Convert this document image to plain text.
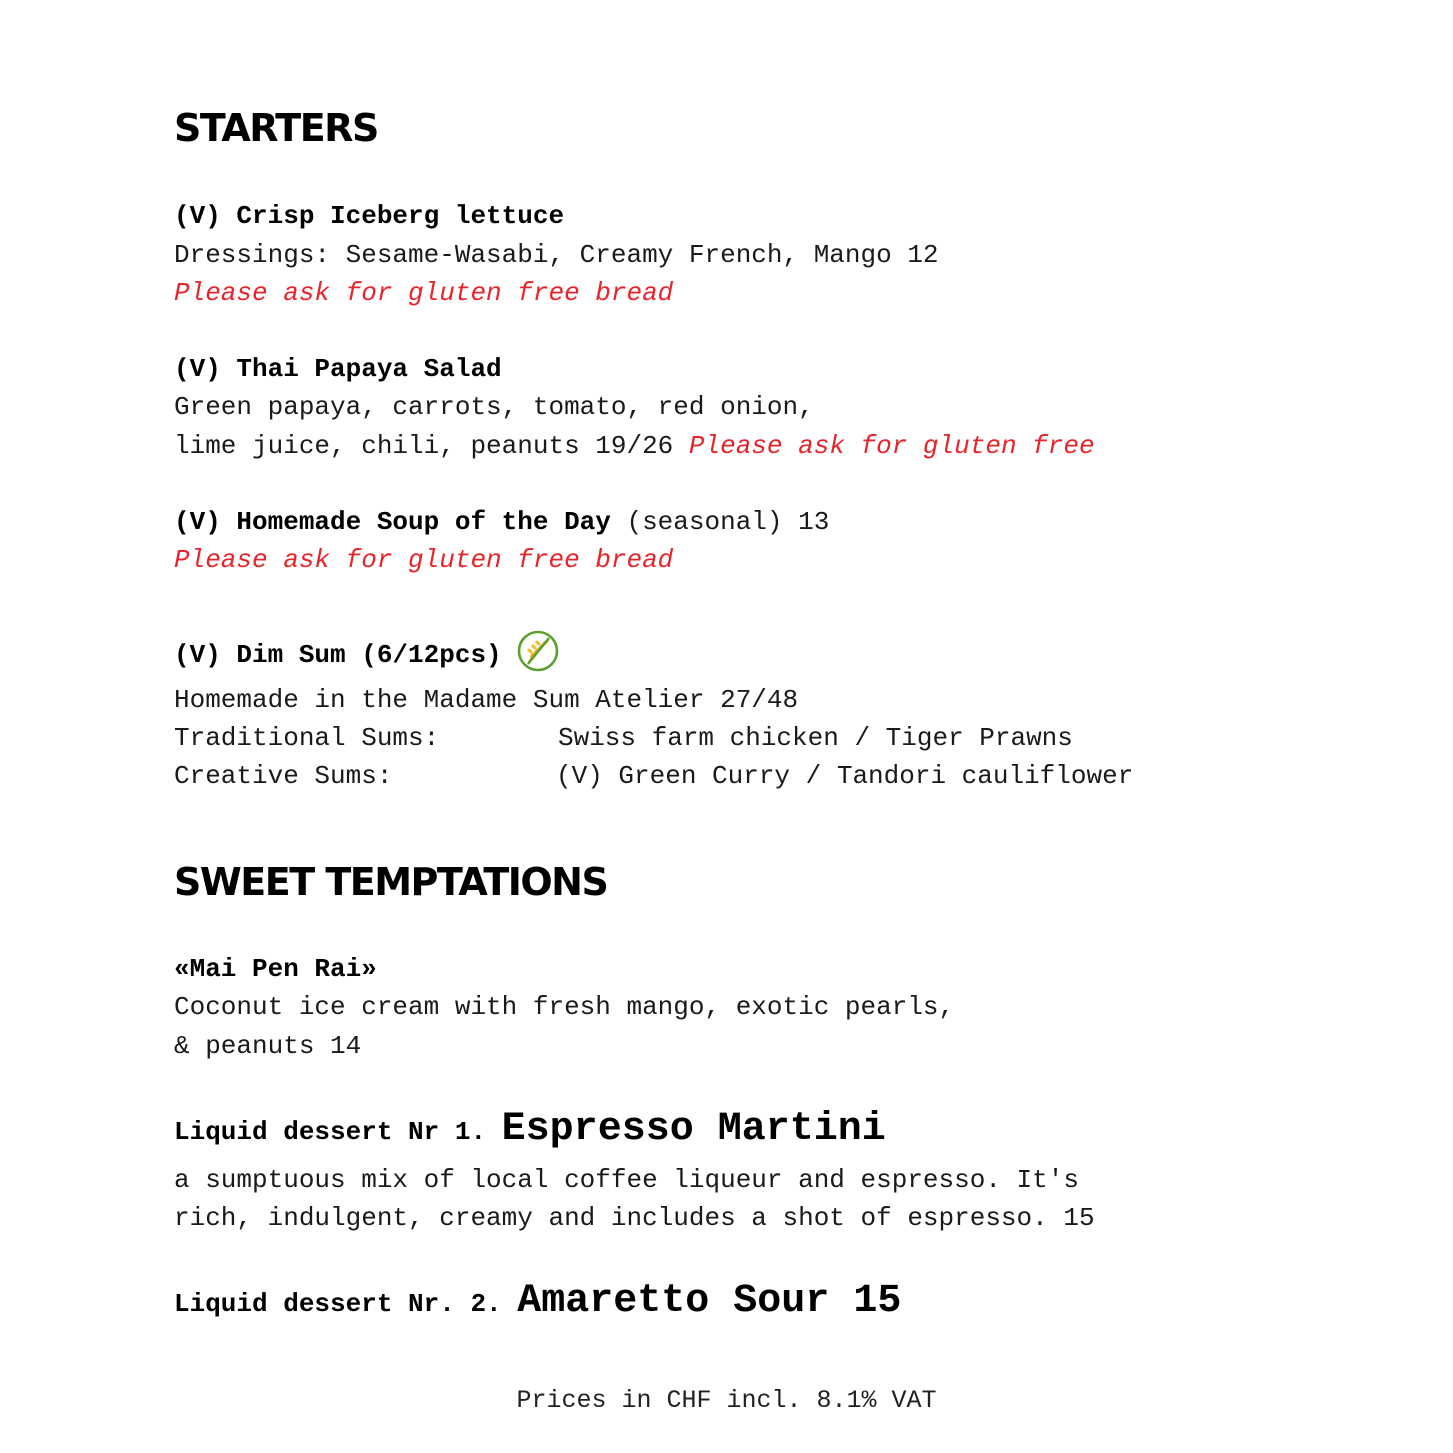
STARTERS
(V) Crisp Iceberg lettuce
Dressings: Sesame-Wasabi, Creamy French, Mango 12
Please ask for gluten free bread
(V) Thai Papaya Salad
Green papaya, carrots, tomato, red onion,
lime juice, chili, peanuts 19/26 Please ask for gluten free
(V) Homemade Soup of the Day (seasonal) 13
Please ask for gluten free bread
(V) Dim Sum (6/12pcs)
Homemade in the Madame Sum Atelier 27/48
Traditional Sums:	Swiss farm chicken / Tiger Prawns
Creative Sums:	(V) Green Curry / Tandori cauliflower
SWEET TEMPTATIONS
«Mai Pen Rai»
Coconut ice cream with fresh mango, exotic pearls,
& peanuts 14
Liquid dessert Nr 1. Espresso Martini
a sumptuous mix of local coffee liqueur and espresso. It's
rich, indulgent, creamy and includes a shot of espresso. 15
Liquid dessert Nr. 2. Amaretto Sour 15
Prices in CHF incl. 8.1% VAT
